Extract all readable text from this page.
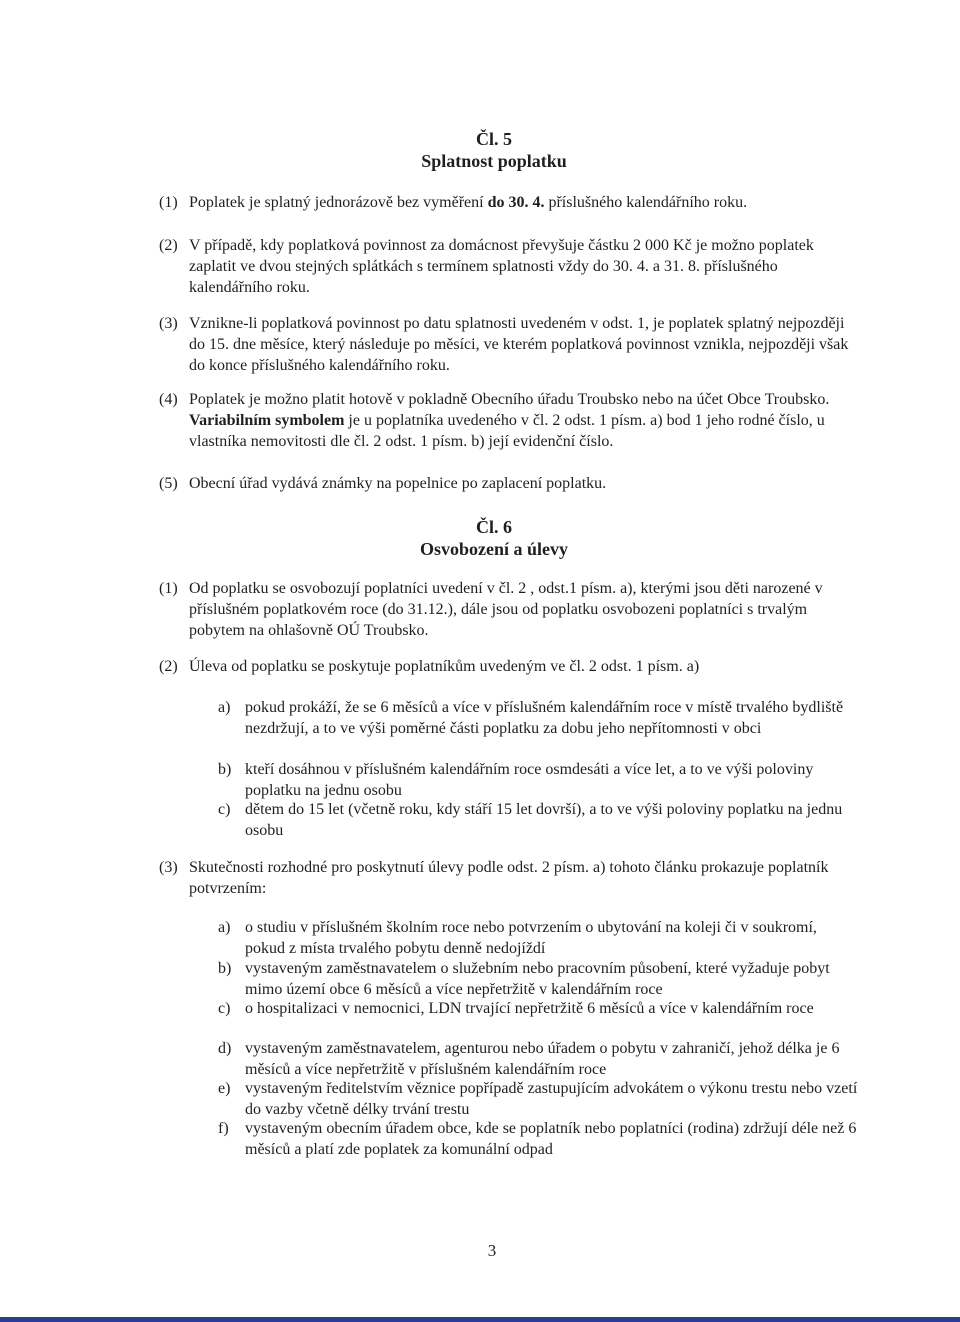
Čl. 5

Splatnost poplatku

(1) Poplatek je splatný jednorázově bez vyměření do 30. 4. příslušného kalendářního roku.
(2) V případě, kdy poplatková povinnost za domácnost převyšuje částku 2 000 Kč je možno poplatek zaplatit ve dvou stejných splátkách s termínem splatnosti vždy do 30. 4. a 31. 8. příslušného kalendářního roku.
(3) Vznikne-li poplatková povinnost po datu splatnosti uvedeném v odst. 1, je poplatek splatný nejpozději do 15. dne měsíce, který následuje po měsíci, ve kterém poplatková povinnost vznikla, nejpozději však do konce příslušného kalendářního roku.
(4) Poplatek je možno platit hotově v pokladně Obecního úřadu Troubsko nebo na účet Obce Troubsko. Variabilním symbolem je u poplatníka uvedeného v čl. 2 odst. 1 písm. a) bod 1 jeho rodné číslo, u vlastníka nemovitosti dle čl. 2 odst. 1 písm. b) její evidenční číslo.
(5) Obecní úřad vydává známky na popelnice po zaplacení poplatku.

Čl. 6

Osvobození a úlevy

(1) Od poplatku se osvobozují poplatníci uvedení v čl. 2 , odst.1 písm. a), kterými jsou děti narozené v příslušném poplatkovém roce (do 31.12.), dále jsou od poplatku osvobozeni poplatníci s trvalým pobytem na ohlašovně OÚ Troubsko.
(2) Úleva od poplatku se poskytuje poplatníkům uvedeným ve čl. 2 odst. 1 písm. a)
a) pokud prokáží, že se 6 měsíců a více v příslušném kalendářním roce v místě trvalého bydliště nezdržují, a to ve výši poměrné části poplatku za dobu jeho nepřítomnosti v obci
b) kteří dosáhnou v příslušném kalendářním roce osmdesáti a více let, a to ve výši poloviny poplatku na jednu osobu
c) dětem do 15 let (včetně roku, kdy stáří 15 let dovrší), a to ve výši poloviny poplatku na jednu osobu
(3) Skutečnosti rozhodné pro poskytnutí úlevy podle odst. 2 písm. a) tohoto článku prokazuje poplatník potvrzením:
a) o studiu v příslušném školním roce nebo potvrzením o ubytování na koleji či v soukromí, pokud z místa trvalého pobytu denně nedojíždí
b) vystaveným zaměstnavatelem o služebním nebo pracovním působení, které vyžaduje pobyt mimo území obce 6 měsíců a více nepřetržitě v kalendářním roce
c) o hospitalizaci v nemocnici, LDN trvající nepřetržitě 6 měsíců a více v kalendářním roce
d) vystaveným zaměstnavatelem, agenturou nebo úřadem o pobytu v zahraničí, jehož délka je 6 měsíců a více nepřetržitě v příslušném kalendářním roce
e) vystaveným ředitelstvím věznice popřípadě zastupujícím advokátem o výkonu trestu nebo vzetí do vazby včetně délky trvání trestu
f) vystaveným obecním úřadem obce, kde se poplatník nebo poplatníci (rodina) zdržují déle než 6 měsíců a platí zde poplatek za komunální odpad
3
